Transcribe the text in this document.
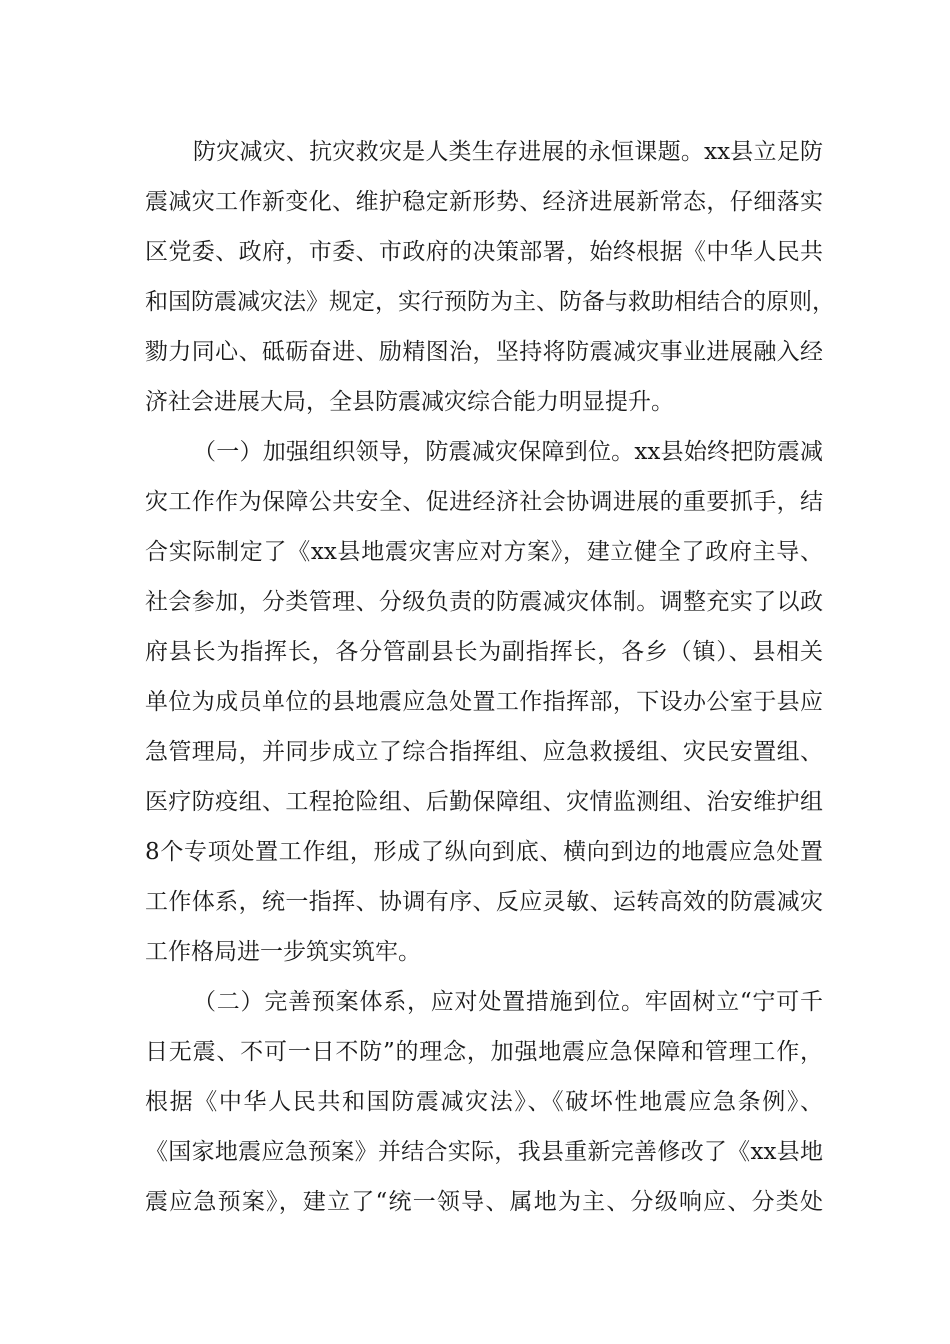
防灾减灾、抗灾救灾是人类生存进展的永恒课题。xx县立足防
震减灾工作新变化、维护稳定新形势、经济进展新常态，仔细落实
区党委、政府，市委、市政府的决策部署，始终根据《中华人民共
和国防震减灾法》规定，实行预防为主、防备与救助相结合的原则，
勠力同心、砥砺奋进、励精图治，坚持将防震减灾事业进展融入经
济社会进展大局，全县防震减灾综合能力明显提升。
（一）加强组织领导，防震减灾保障到位。xx县始终把防震减
灾工作作为保障公共安全、促进经济社会协调进展的重要抓手，结
合实际制定了《xx县地震灾害应对方案》，建立健全了政府主导、
社会参加，分类管理、分级负责的防震减灾体制。调整充实了以政
府县长为指挥长，各分管副县长为副指挥长，各乡（镇）、县相关
单位为成员单位的县地震应急处置工作指挥部，下设办公室于县应
急管理局，并同步成立了综合指挥组、应急救援组、灾民安置组、
医疗防疫组、工程抢险组、后勤保障组、灾情监测组、治安维护组
8个专项处置工作组，形成了纵向到底、横向到边的地震应急处置
工作体系，统一指挥、协调有序、反应灵敏、运转高效的防震减灾
工作格局进一步筑实筑牢。
（二）完善预案体系，应对处置措施到位。牢固树立“宁可千
日无震、不可一日不防”的理念，加强地震应急保障和管理工作，
根据《中华人民共和国防震减灾法》、《破坏性地震应急条例》、
《国家地震应急预案》并结合实际，我县重新完善修改了《xx县地
震应急预案》，建立了“统一领导、属地为主、分级响应、分类处
